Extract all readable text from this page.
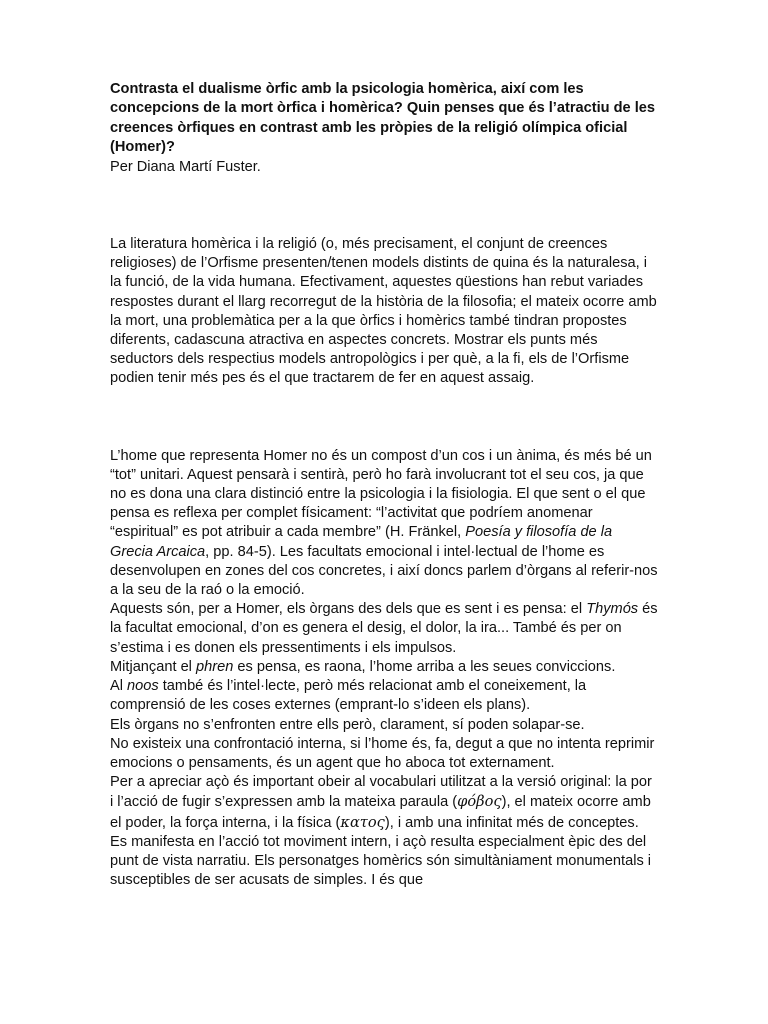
Contrasta el dualisme òrfic amb la psicologia homèrica, així com les concepcions de la mort òrfica i homèrica? Quin penses que és l’atractiu de les creences òrfiques en contrast amb les pròpies de la religió olímpica oficial (Homer)?

Per Diana Martí Fuster.

La literatura homèrica i la religió (o, més precisament, el conjunt de creences religioses) de l’Orfisme presenten/tenen models distints de quina és la naturalesa, i la funció, de la vida humana. Efectivament, aquestes qüestions han rebut variades respostes durant el llarg recorregut de la història de la filosofia; el mateix ocorre amb la mort, una problemàtica per a la que òrfics i homèrics també tindran propostes diferents, cadascuna atractiva en aspectes concrets. Mostrar els punts més seductors dels respectius models antropològics i per què, a la fi, els de l’Orfisme podien tenir més pes és el que tractarem de fer en aquest assaig.

L’home que representa Homer no és un compost d’un cos i un ànima, és més bé un “tot” unitari. Aquest pensarà i sentirà, però ho farà involucrant tot el seu cos, ja que no es dona una clara distinció entre la psicologia i la fisiologia. El que sent o el que pensa es reflexa per complet físicament: “l’activitat que podríem anomenar “espiritual” es pot atribuir a cada membre” (H. Fränkel, Poesía y filosofía de la Grecia Arcaica, pp. 84-5). Les facultats emocional i intel·lectual de l’home es desenvolupen en zones del cos concretes, i així doncs parlem d’òrgans al referir-nos a la seu de la raó o la emoció.
Aquests són, per a Homer, els òrgans des dels que es sent i es pensa: el Thymós és la facultat emocional, d’on es genera el desig, el dolor, la ira... També és per on s’estima i es donen els pressentiments i els impulsos.
Mitjançant el phren es pensa, es raona, l’home arriba a les seues conviccions.
Al noos també és l’intel·lecte, però més relacionat amb el coneixement, la comprensió de les coses externes (emprant-lo s’ideen els plans).
Els òrgans no s’enfronten entre ells però, clarament, sí poden solapar-se.
No existeix una confrontació interna, si l’home és, fa, degut a que no intenta reprimir emocions o pensaments, és un agent que ho aboca tot externament.
Per a apreciar açò és important obeir al vocabulari utilitzat a la versió original: la por i l’acció de fugir s’expressen amb la mateixa paraula (φόβος), el mateix ocorre amb el poder, la força interna, i la física (κατος), i amb una infinitat més de conceptes. Es manifesta en l’acció tot moviment intern, i açò resulta especialment èpic des del punt de vista narratiu. Els personatges homèrics són simultàniament monumentals i susceptibles de ser acusats de simples. I és que
